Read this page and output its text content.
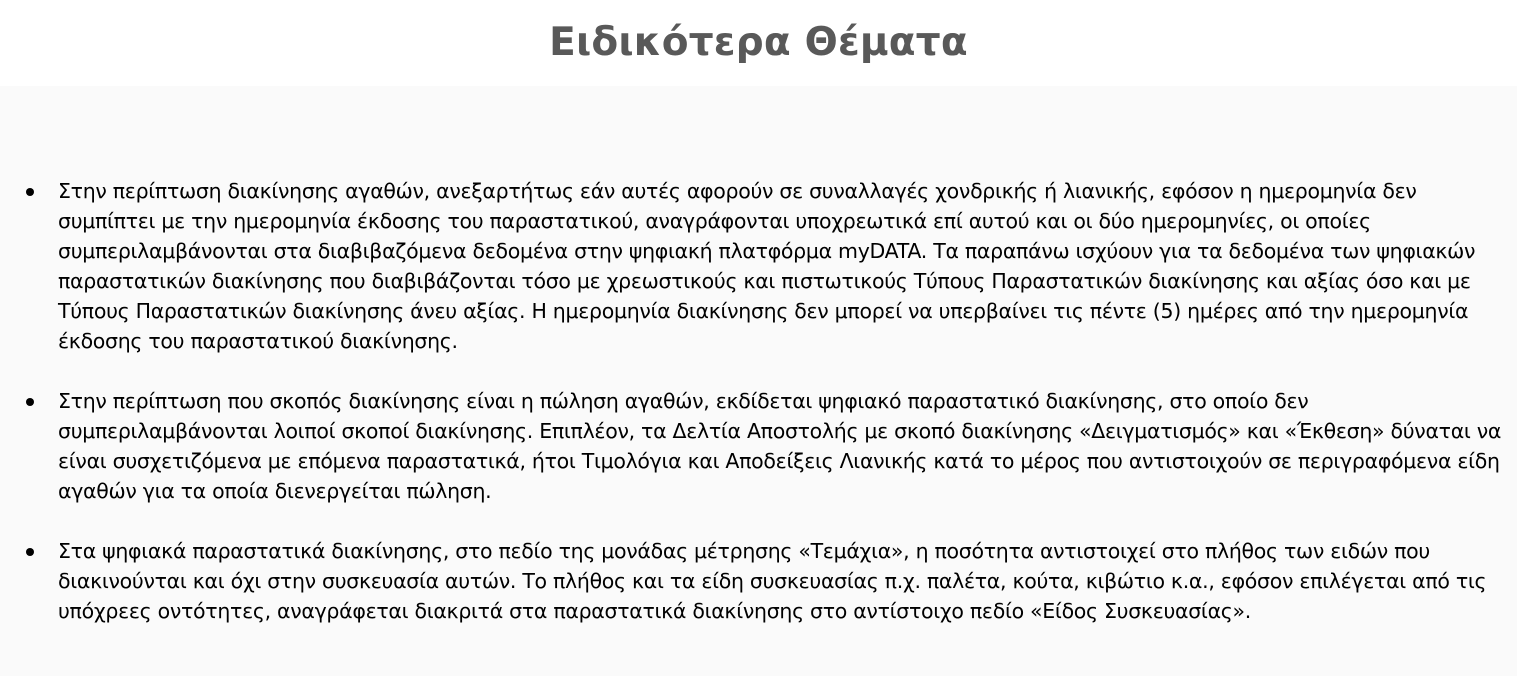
Ειδικότερα Θέματα
Στην περίπτωση διακίνησης αγαθών, ανεξαρτήτως εάν αυτές αφορούν σε συναλλαγές χονδρικής ή λιανικής, εφόσον η ημερομηνία δεν συμπίπτει με την ημερομηνία έκδοσης του παραστατικού, αναγράφονται υποχρεωτικά επί αυτού και οι δύο ημερομηνίες, οι οποίες συμπεριλαμβάνονται στα διαβιβαζόμενα δεδομένα στην ψηφιακή πλατφόρμα myDATA. Τα παραπάνω ισχύουν για τα δεδομένα των ψηφιακών παραστατικών διακίνησης που διαβιβάζονται τόσο με χρεωστικούς και πιστωτικούς Τύπους Παραστατικών διακίνησης και αξίας όσο και με Τύπους Παραστατικών διακίνησης άνευ αξίας. Η ημερομηνία διακίνησης δεν μπορεί να υπερβαίνει τις πέντε (5) ημέρες από την ημερομηνία έκδοσης του παραστατικού διακίνησης.
Στην περίπτωση που σκοπός διακίνησης είναι η πώληση αγαθών, εκδίδεται ψηφιακό παραστατικό διακίνησης, στο οποίο δεν συμπεριλαμβάνονται λοιποί σκοποί διακίνησης. Επιπλέον, τα Δελτία Αποστολής με σκοπό διακίνησης «Δειγματισμός» και «Έκθεση» δύναται να είναι συσχετιζόμενα με επόμενα παραστατικά, ήτοι Τιμολόγια και Αποδείξεις Λιανικής κατά το μέρος που αντιστοιχούν σε περιγραφόμενα είδη αγαθών για τα οποία διενεργείται πώληση.
Στα ψηφιακά παραστατικά διακίνησης, στο πεδίο της μονάδας μέτρησης «Τεμάχια», η ποσότητα αντιστοιχεί στο πλήθος των ειδών που διακινούνται και όχι στην συσκευασία αυτών. Το πλήθος και τα είδη συσκευασίας π.χ. παλέτα, κούτα, κιβώτιο κ.α., εφόσον επιλέγεται από τις υπόχρεες οντότητες, αναγράφεται διακριτά στα παραστατικά διακίνησης στο αντίστοιχο πεδίο «Είδος Συσκευασίας».
